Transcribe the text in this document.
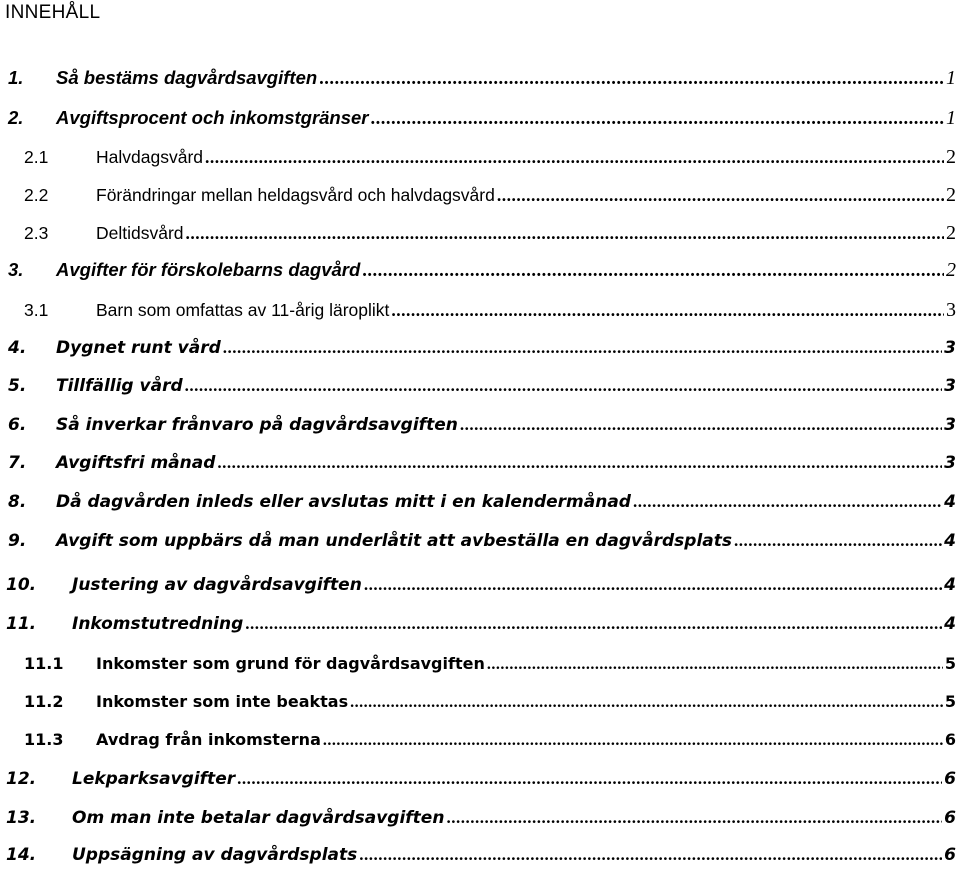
INNEHÅLL
1.	Så bestäms dagvårdsavgiften .....	1
2.	Avgiftsprocent och inkomstgränser .....	1
2.1	Halvdagsvård .....	2
2.2	Förändringar mellan heldagsvård och halvdagsvård .....	2
2.3	Deltidsvård .....	2
3.	Avgifter för förskolebarns dagvård .....	2
3.1	Barn som omfattas av 11-årig läroplikt .....	3
4.	Dygnet runt vård .....	3
5.	Tillfällig vård .....	3
6.	Så inverkar frånvaro på dagvårdsavgiften .....	3
7.	Avgiftsfri månad .....	3
8.	Då dagvården inleds eller avslutas mitt i en kalendermånad .....	4
9.	Avgift som uppbärs då man underlåtit att avbeställa en dagvårdsplats .....	4
10.	Justering av dagvårdsavgiften .....	4
11.	Inkomstutredning .....	4
11.1	Inkomster som grund för dagvårdsavgiften .....	5
11.2	Inkomster som inte beaktas .....	5
11.3	Avdrag från inkomsterna .....	6
12.	Lekparksavgifter .....	6
13.	Om man inte betalar dagvårdsavgiften .....	6
14.	Uppsägning av dagvårdsplats .....	6
